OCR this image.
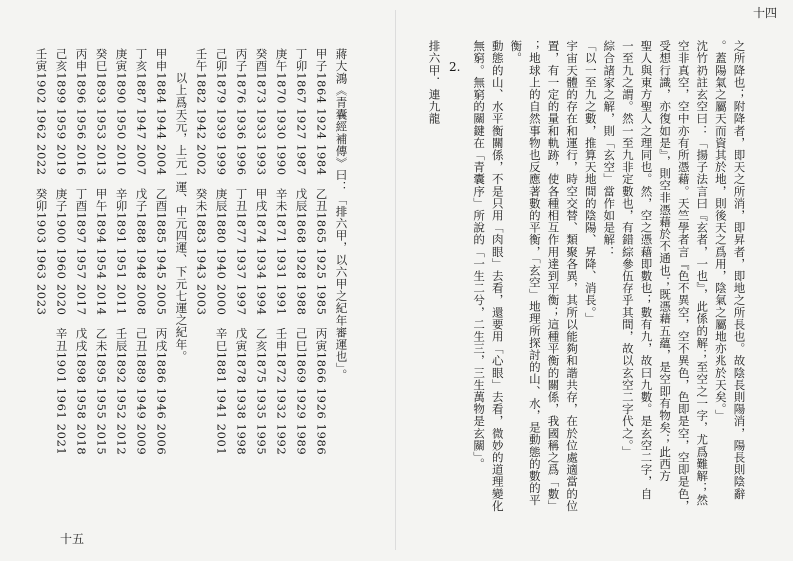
十四
2.	之所降也；附降者，即天之所消，即昇者，即地之所長也。故陰長則陽消，陽長則陰辭
。蓋陽氣之屬天而資其於地，則後天之爲用，陰氣之屬地亦兆於天矣。」
沈竹礽註玄空曰：「揚子法言曰『玄者，一也』，此係的解；至空之一字，尤爲難解；然
空非真空，空中亦有所憑藉。天竺學者言『色不異空，空不異色，色即是空，空即是色，
受想行識，亦復如是』，則空非憑藉於不通也；既憑藉五蘊，是空即有物矣；此西方
聖人與東方聖人之理同也。然，空之憑藉即數也；數有九，故曰九數。是玄空二字，自
一至九之謂。然一至九非定數也，有錯綜參伍存乎其間，故以玄空二字代之。」
綜合諸家之解，則「玄空」當作如是解：
「以一至九之數，推算天地間的陰陽、昇降、消長。」
宇宙天體的存在和運行，時空交替、類聚各異，其所以能夠和諧共存，在於位處適當的位
置，有一定的量和軌跡，使各種相互作用達到平衡；這種平衡的關係，我國稱之爲「數」
；地球上的自然事物也反應著數的平衡，「玄空」地理所探討的山、水，是動態的數的平
衡。
動態的山、水平衡關係，不是只用「肉眼」去看，還要用「心眼」去看，微妙的道理變化
無窮。無窮的關鍵在「青囊序」所說的「一生二兮，二生三，三生萬物是玄關」。
排六甲．連九龍
十五
蔣大鴻《青囊經補傳》曰：「排六甲，以六甲之紀年審運也」。
甲子1864 1924 1984　乙丑1865 1925 1985　丙寅1866 1926 1986
丁卯1867 1927 1987　戊辰1868 1928 1988　己巳1869 1929 1989
庚午1870 1930 1990　辛未1871 1931 1991　壬申1872 1932 1992
癸酉1873 1933 1993　甲戌1874 1934 1994　乙亥1875 1935 1995
丙子1876 1936 1996　丁丑1877 1937 1997　戊寅1878 1938 1998
己卯1879 1939 1999　庚辰1880 1940 2000　辛巳1881 1941 2001
壬午1882 1942 2002　癸未1883 1943 2003
以上爲天元，上元一運、中元四運、下元七運之紀年。
甲申1884 1944 2004　乙酉1885 1945 2005　丙戌1886 1946 2006
丁亥1887 1947 2007　戊子1888 1948 2008　己丑1889 1949 2009
庚寅1890 1950 2010　辛卯1891 1951 2011　壬辰1892 1952 2012
癸巳1893 1953 2013　甲午1894 1954 2014　乙未1895 1955 2015
丙申1896 1956 2016　丁酉1897 1957 2017　戊戌1898 1958 2018
己亥1899 1959 2019　庚子1900 1960 2020　辛丑1901 1961 2021
壬寅1902 1962 2022　癸卯1903 1963 2023
